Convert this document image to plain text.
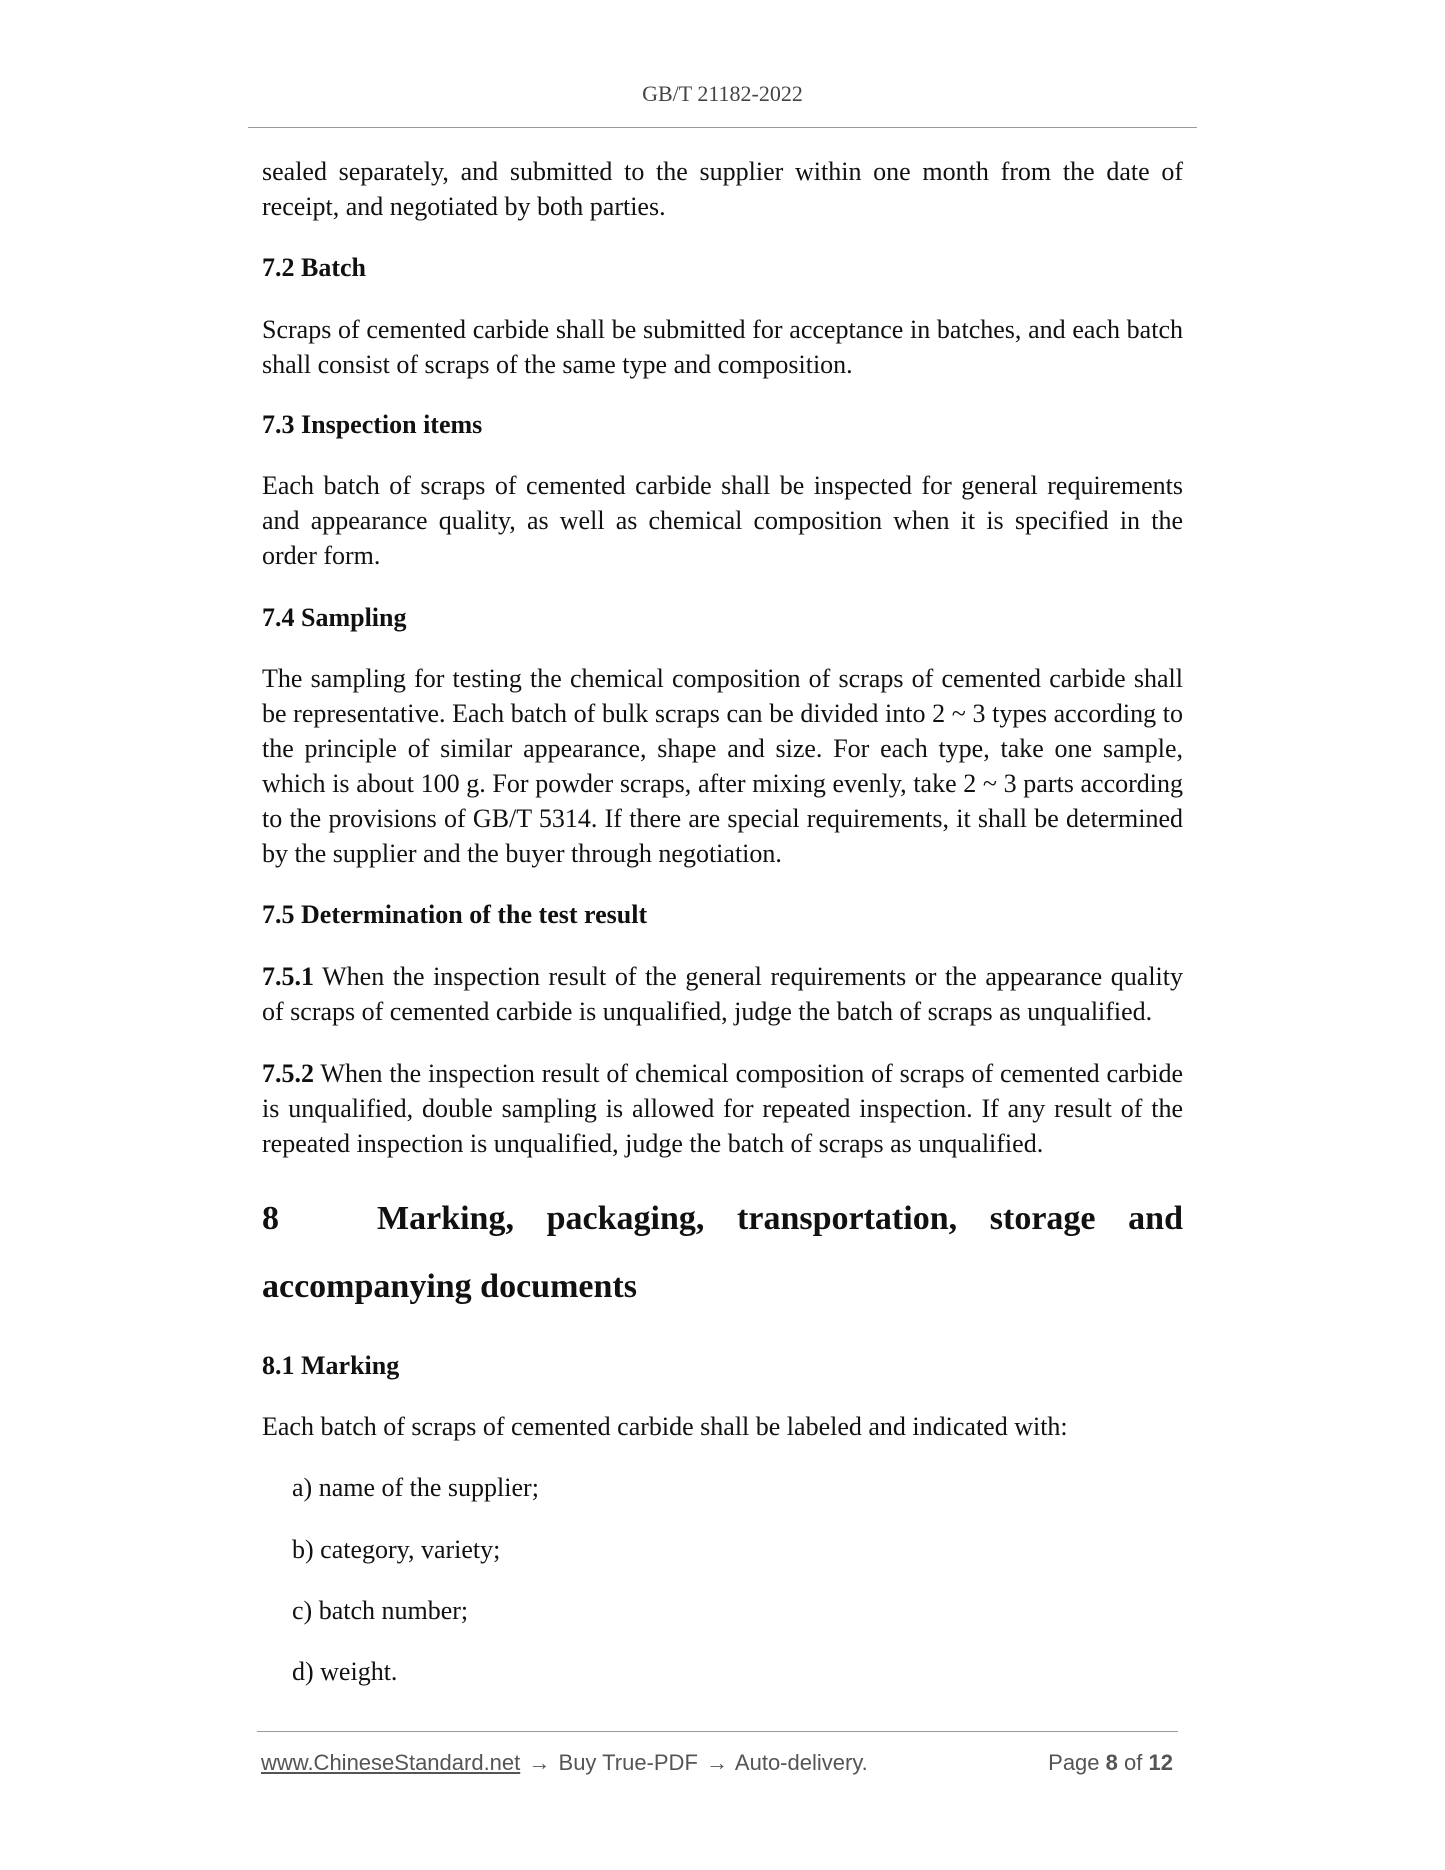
GB/T 21182-2022

sealed separately, and submitted to the supplier within one month from the date of receipt, and negotiated by both parties.

7.2 Batch

Scraps of cemented carbide shall be submitted for acceptance in batches, and each batch shall consist of scraps of the same type and composition.

7.3 Inspection items

Each batch of scraps of cemented carbide shall be inspected for general requirements and appearance quality, as well as chemical composition when it is specified in the order form.

7.4 Sampling

The sampling for testing the chemical composition of scraps of cemented carbide shall be representative. Each batch of bulk scraps can be divided into 2 ~ 3 types according to the principle of similar appearance, shape and size. For each type, take one sample, which is about 100 g. For powder scraps, after mixing evenly, take 2 ~ 3 parts according to the provisions of GB/T 5314. If there are special requirements, it shall be determined by the supplier and the buyer through negotiation.

7.5 Determination of the test result

7.5.1 When the inspection result of the general requirements or the appearance quality of scraps of cemented carbide is unqualified, judge the batch of scraps as unqualified.

7.5.2 When the inspection result of chemical composition of scraps of cemented carbide is unqualified, double sampling is allowed for repeated inspection. If any result of the repeated inspection is unqualified, judge the batch of scraps as unqualified.

8	Marking, packaging, transportation, storage and accompanying documents
8.1 Marking

Each batch of scraps of cemented carbide shall be labeled and indicated with:

a) name of the supplier;
b) category, variety;
c) batch number;
d) weight.
www.ChineseStandard.net → Buy True-PDF → Auto-delivery.	Page 8 of 12
